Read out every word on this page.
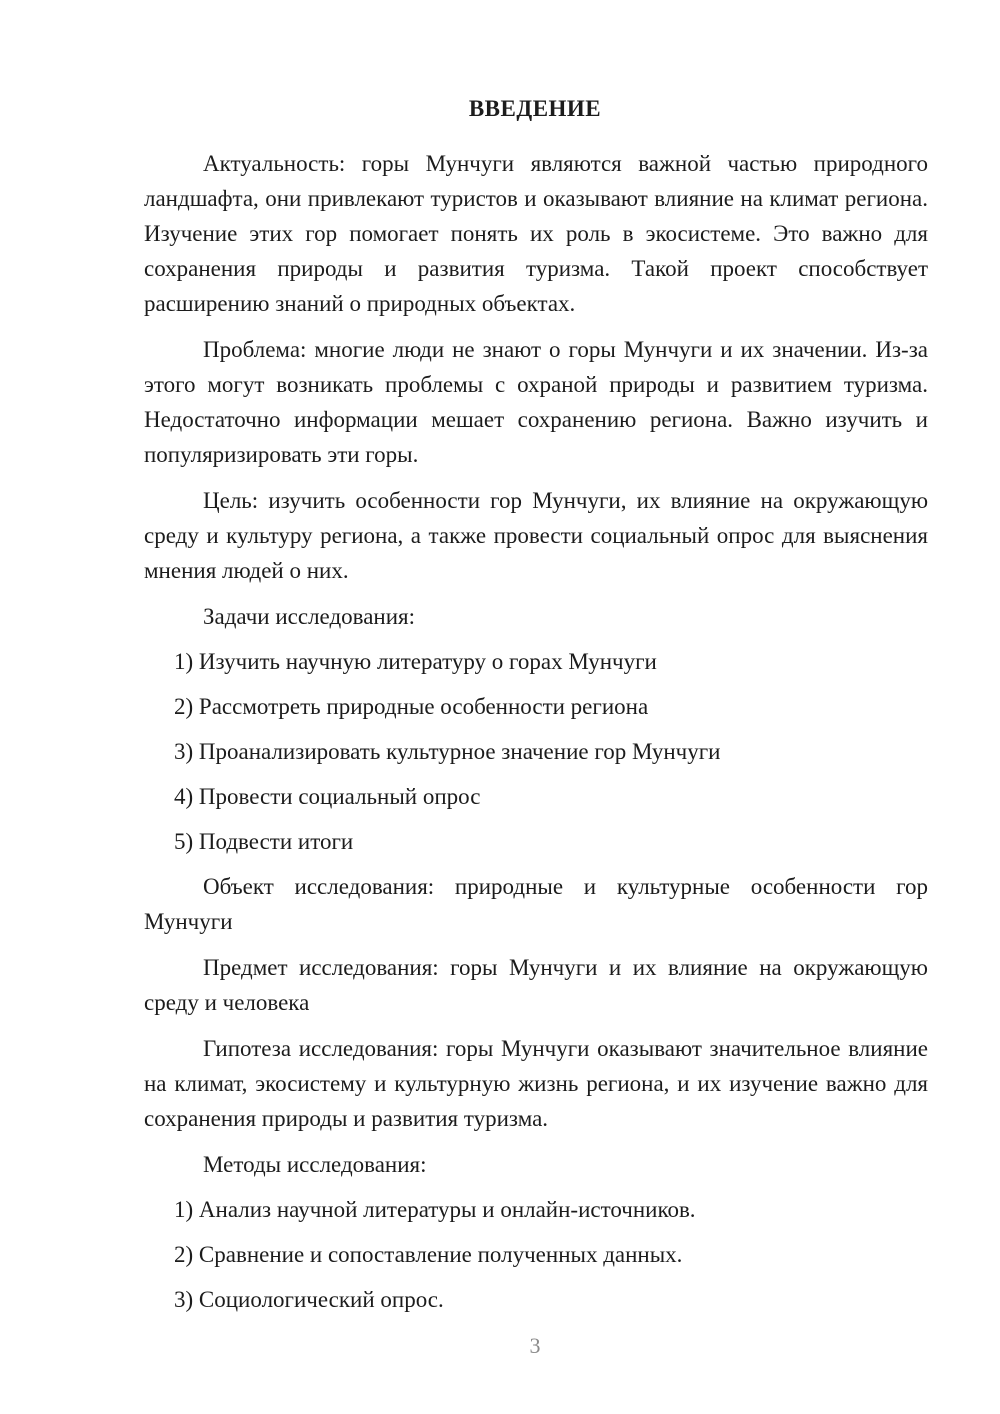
ВВЕДЕНИЕ

Актуальность: горы Мунчуги являются важной частью природного ландшафта, они привлекают туристов и оказывают влияние на климат региона. Изучение этих гор помогает понять их роль в экосистеме. Это важно для сохранения природы и развития туризма. Такой проект способствует расширению знаний о природных объектах.

Проблема: многие люди не знают о горы Мунчуги и их значении. Из-за этого могут возникать проблемы с охраной природы и развитием туризма. Недостаточно информации мешает сохранению региона. Важно изучить и популяризировать эти горы.

Цель: изучить особенности гор Мунчуги, их влияние на окружающую среду и культуру региона, а также провести социальный опрос для выяснения мнения людей о них.

Задачи исследования:

1) Изучить научную литературу о горах Мунчуги

2) Рассмотреть природные особенности региона

3) Проанализировать культурное значение гор Мунчуги

4) Провести социальный опрос

5) Подвести итоги

Объект исследования: природные и культурные особенности гор Мунчуги

Предмет исследования: горы Мунчуги и их влияние на окружающую среду и человека

Гипотеза исследования: горы Мунчуги оказывают значительное влияние на климат, экосистему и культурную жизнь региона, и их изучение важно для сохранения природы и развития туризма.

Методы исследования:

1) Анализ научной литературы и онлайн-источников.

2) Сравнение и сопоставление полученных данных.

3) Социологический опрос.

3
